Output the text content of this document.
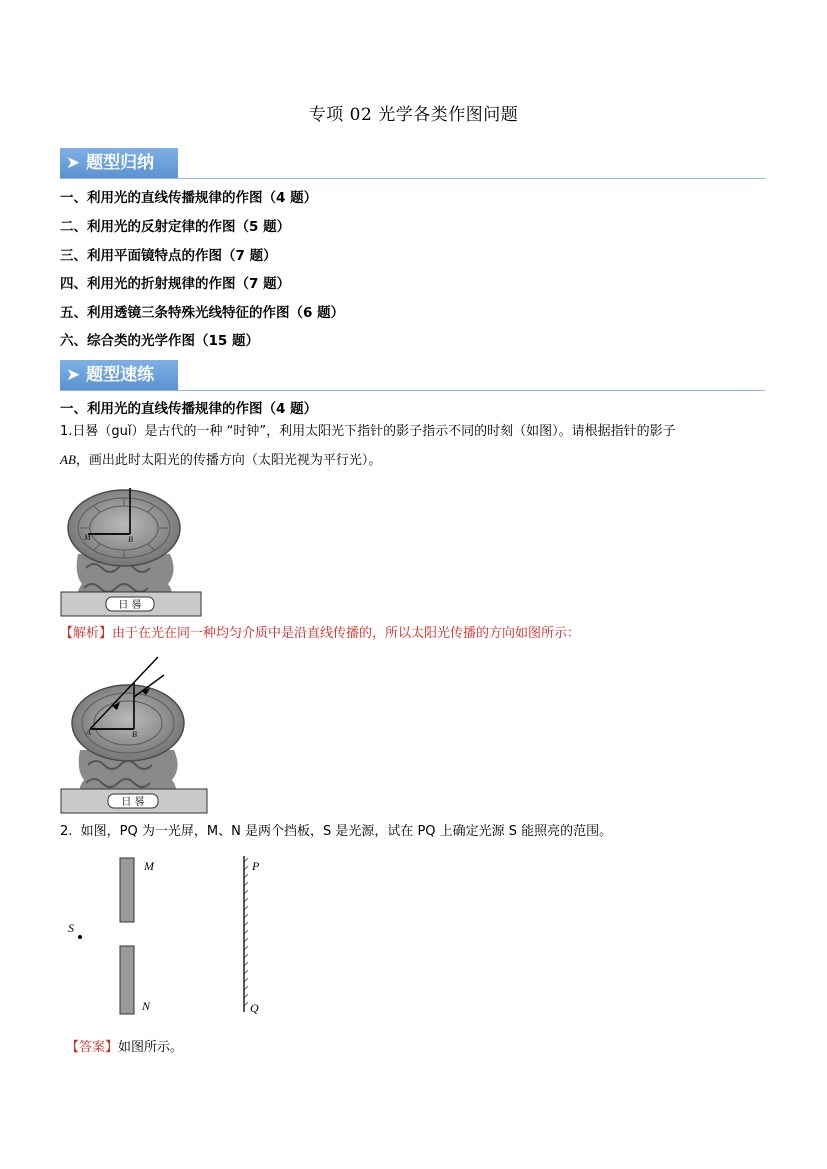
专项 02 光学各类作图问题
➤ 题型归纳
一、利用光的直线传播规律的作图（4 题）
二、利用光的反射定律的作图（5 题）
三、利用平面镜特点的作图（7 题）
四、利用光的折射规律的作图（7 题）
五、利用透镜三条特殊光线特征的作图（6 题）
六、综合类的光学作图（15 题）
➤ 题型速练
一、利用光的直线传播规律的作图（4 题）
1.日晷（guǐ）是古代的一种 “时钟”，利用太阳光下指针的影子指示不同的时刻（如图）。请根据指针的影子
AB，画出此时太阳光的传播方向（太阳光视为平行光）。
M	B
日 晷
【解析】由于在光在同一种均匀介质中是沿直线传播的，所以太阳光传播的方向如图所示：
A	B
日 晷
2. 如图，PQ 为一光屏，M、N 是两个挡板，S 是光源，试在 PQ 上确定光源 S 能照亮的范围。
S
M
N
P
Q
【答案】如图所示。
